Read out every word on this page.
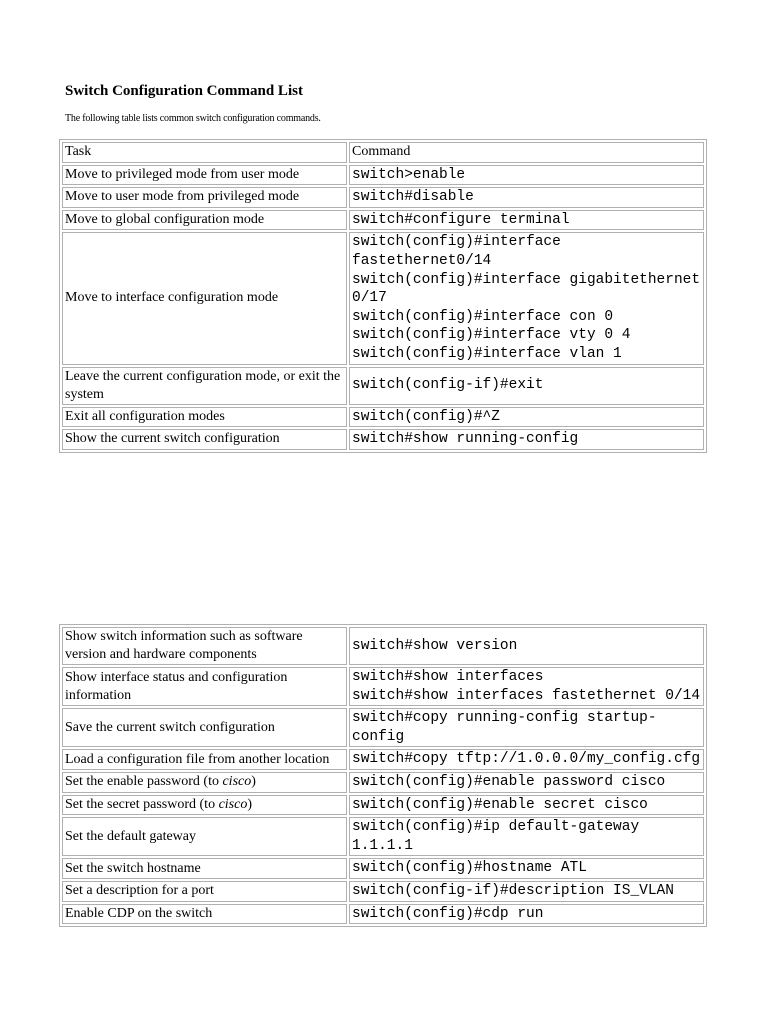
Switch Configuration Command List

The following table lists common switch configuration commands.

Task	Command
Move to privileged mode from user mode	switch>enable
Move to user mode from privileged mode	switch#disable
Move to global configuration mode	switch#configure terminal
Move to interface configuration mode	switch(config)#interface fastethernet0/14
switch(config)#interface gigabitethernet 0/17
switch(config)#interface con 0
switch(config)#interface vty 0 4
switch(config)#interface vlan 1
Leave the current configuration mode, or exit the system	switch(config-if)#exit
Exit all configuration modes	switch(config)#^Z
Show the current switch configuration	switch#show running-config
Show switch information such as software version and hardware components	switch#show version
Show interface status and configuration information	switch#show interfaces
switch#show interfaces fastethernet 0/14
Save the current switch configuration	switch#copy running-config startup-config
Load a configuration file from another location	switch#copy tftp://1.0.0.0/my_config.cfg
Set the enable password (to cisco)	switch(config)#enable password cisco
Set the secret password (to cisco)	switch(config)#enable secret cisco
Set the default gateway	switch(config)#ip default-gateway 1.1.1.1
Set the switch hostname	switch(config)#hostname ATL
Set a description for a port	switch(config-if)#description IS_VLAN
Enable CDP on the switch	switch(config)#cdp run
